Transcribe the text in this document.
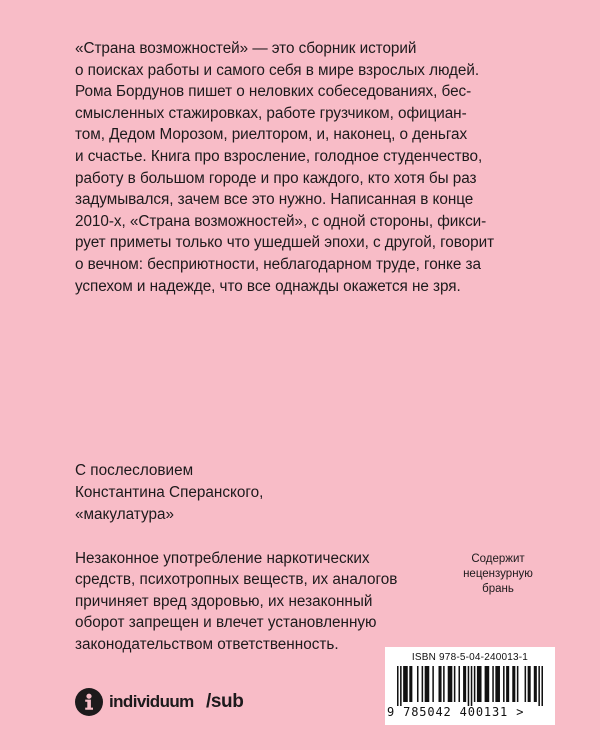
«Страна возможностей» — это сборник историй
о поисках работы и самого себя в мире взрослых людей.
Рома Бордунов пишет о неловких собеседованиях, бес-
смысленных стажировках, работе грузчиком, официан-
том, Дедом Морозом, риелтором, и, наконец, о деньгах
и счастье. Книга про взросление, голодное студенчество,
работу в большом городе и про каждого, кто хотя бы раз
задумывался, зачем все это нужно. Написанная в конце
2010-х, «Страна возможностей», с одной стороны, фикси-
рует приметы только что ушедшей эпохи, с другой, говорит
о вечном: бесприютности, неблагодарном труде, гонке за
успехом и надежде, что все однажды окажется не зря.
С послесловием
Константина Сперанского,
«макулатура»
Незаконное употребление наркотических
средств, психотропных веществ, их аналогов
причиняет вред здоровью, их незаконный
оборот запрещен и влечет установленную
законодательством ответственность.
Содержит
нецензурную
брань
individuum /sub
ISBN 978-5-04-240013-1
9 785042 400131 >
